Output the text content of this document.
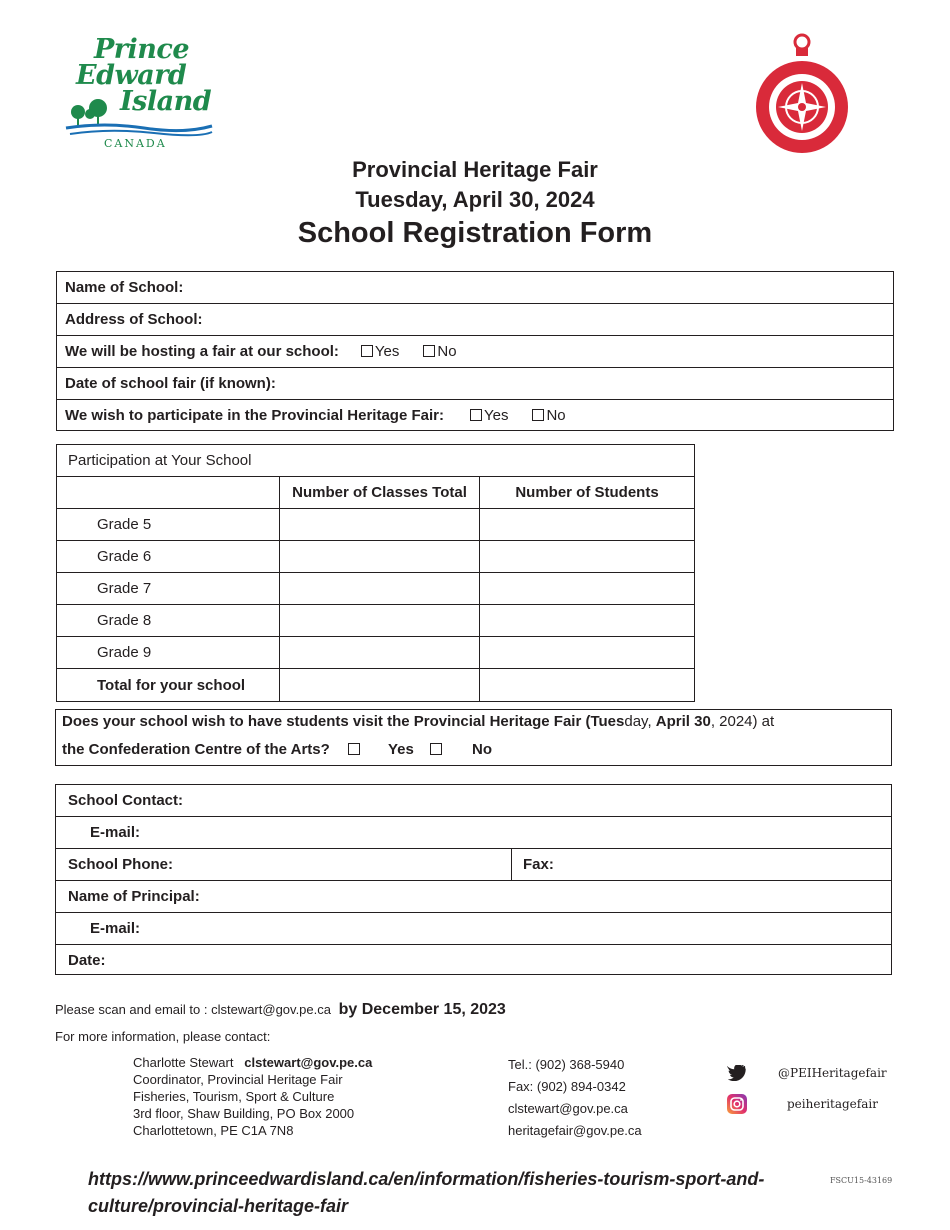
Prince
Edward
Island
CANADA
Provincial Heritage Fair
Tuesday, April 30, 2024
School Registration Form
Name of School:
Address of School:
We will be hosting a fair at our school:	Yes	No
Date of school fair (if known):
We wish to participate in the Provincial Heritage Fair:	Yes	No
Participation at Your School
Number of Classes Total	Number of Students
Grade 5
Grade 6
Grade 7
Grade 8
Grade 9
Total for your school
Does your school wish to have students visit the Provincial Heritage Fair (Tuesday, April 30, 2024) at
the Confederation Centre of the Arts?	Yes	No
School Contact:
E-mail:
School Phone:	Fax:
Name of Principal:
E-mail:
Date:
Please scan and email to : clstewart@gov.pe.ca by December 15, 2023
For more information, please contact:
Charlotte Stewart clstewart@gov.pe.ca
Coordinator, Provincial Heritage Fair
Fisheries, Tourism, Sport & Culture
3rd floor, Shaw Building, PO Box 2000
Charlottetown, PE C1A 7N8
Tel.: (902) 368-5940
Fax: (902) 894-0342
clstewart@gov.pe.ca
heritagefair@gov.pe.ca
@PEIHeritagefair
peiheritagefair
https://www.princeedwardisland.ca/en/information/fisheries-tourism-sport-and-
culture/provincial-heritage-fair
FSCU15-43169
